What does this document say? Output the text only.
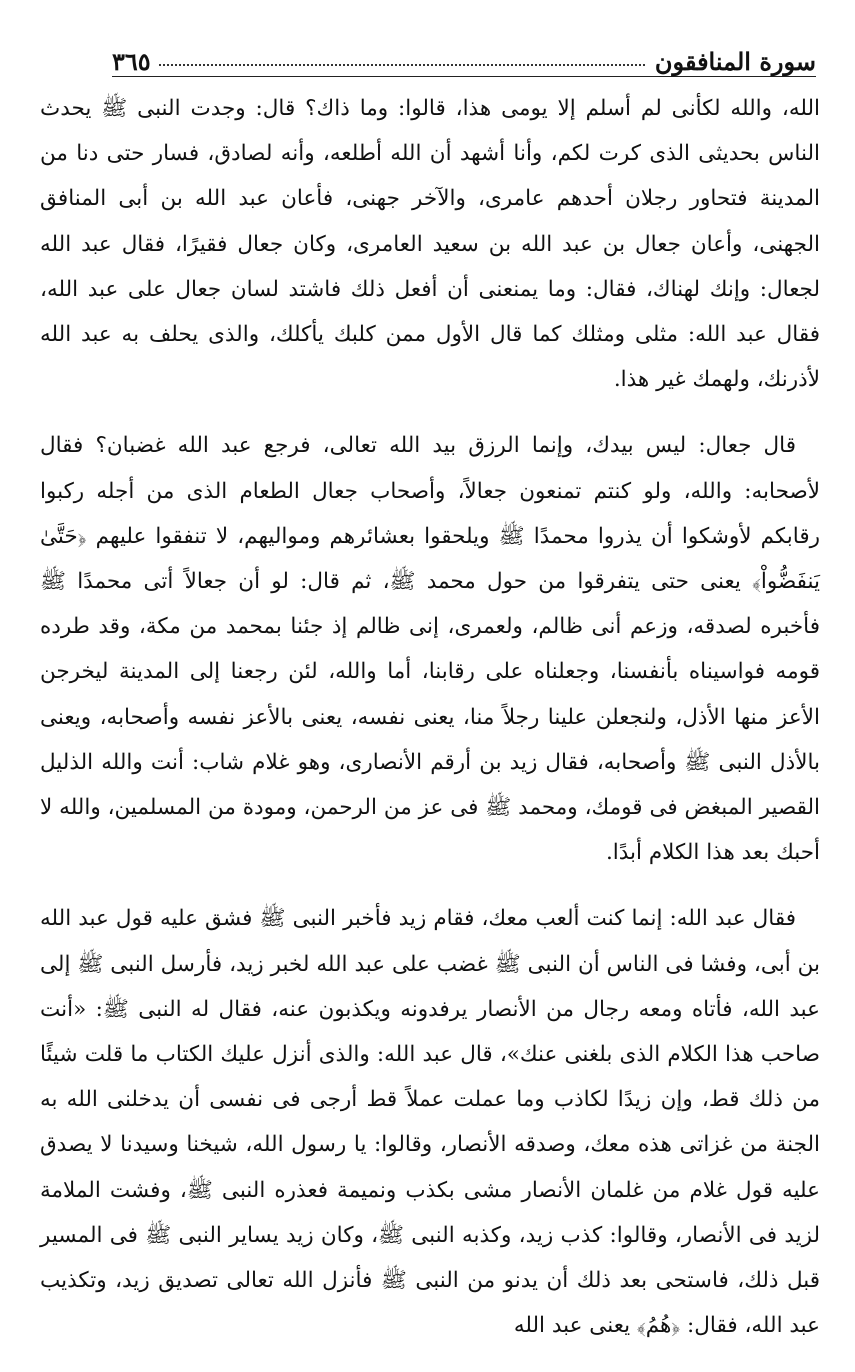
سورة المنافقون
٣٦٥

الله، والله لكأنى لم أسلم إلا يومى هذا، قالوا: وما ذاك؟ قال: وجدت النبى ﷺ يحدث الناس بحديثى الذى كرت لكم، وأنا أشهد أن الله أطلعه، وأنه لصادق، فسار حتى دنا من المدينة فتحاور رجلان أحدهم عامرى، والآخر جهنى، فأعان عبد الله بن أبى المنافق الجهنى، وأعان جعال بن عبد الله بن سعيد العامرى، وكان جعال فقيرًا، فقال عبد الله لجعال: وإنك لهناك، فقال: وما يمنعنى أن أفعل ذلك فاشتد لسان جعال على عبد الله، فقال عبد الله: مثلى ومثلك كما قال الأول ممن كلبك يأكلك، والذى يحلف به عبد الله لأذرنك، ولهمك غير هذا.

قال جعال: ليس بيدك، وإنما الرزق بيد الله تعالى، فرجع عبد الله غضبان؟ فقال لأصحابه: والله، ولو كنتم تمنعون جعالاً، وأصحاب جعال الطعام الذى من أجله ركبوا رقابكم لأوشكوا أن يذروا محمدًا ﷺ ويلحقوا بعشائرهم ومواليهم، لا تنفقوا عليهم ﴿حَتَّىٰ يَنفَضُّواْ﴾ يعنى حتى يتفرقوا من حول محمد ﷺ، ثم قال: لو أن جعالاً أتى محمدًا ﷺ فأخبره لصدقه، وزعم أنى ظالم، ولعمرى، إنى ظالم إذ جئنا بمحمد من مكة، وقد طرده قومه فواسيناه بأنفسنا، وجعلناه على رقابنا، أما والله، لئن رجعنا إلى المدينة ليخرجن الأعز منها الأذل، ولنجعلن علينا رجلاً منا، يعنى نفسه، يعنى بالأعز نفسه وأصحابه، ويعنى بالأذل النبى ﷺ وأصحابه، فقال زيد بن أرقم الأنصارى، وهو غلام شاب: أنت والله الذليل القصير المبغض فى قومك، ومحمد ﷺ فى عز من الرحمن، ومودة من المسلمين، والله لا أحبك بعد هذا الكلام أبدًا.

فقال عبد الله: إنما كنت ألعب معك، فقام زيد فأخبر النبى ﷺ فشق عليه قول عبد الله بن أبى، وفشا فى الناس أن النبى ﷺ غضب على عبد الله لخبر زيد، فأرسل النبى ﷺ إلى عبد الله، فأتاه ومعه رجال من الأنصار يرفدونه ويكذبون عنه، فقال له النبى ﷺ: «أنت صاحب هذا الكلام الذى بلغنى عنك»، قال عبد الله: والذى أنزل عليك الكتاب ما قلت شيئًا من ذلك قط، وإن زيدًا لكاذب وما عملت عملاً قط أرجى فى نفسى أن يدخلنى الله به الجنة من غزاتى هذه معك، وصدقه الأنصار، وقالوا: يا رسول الله، شيخنا وسيدنا لا يصدق عليه قول غلام من غلمان الأنصار مشى بكذب ونميمة فعذره النبى ﷺ، وفشت الملامة لزيد فى الأنصار، وقالوا: كذب زيد، وكذبه النبى ﷺ، وكان زيد يساير النبى ﷺ فى المسير قبل ذلك، فاستحى بعد ذلك أن يدنو من النبى ﷺ فأنزل الله تعالى تصديق زيد، وتكذيب عبد الله، فقال: ﴿هُمُ﴾ يعنى عبد الله
